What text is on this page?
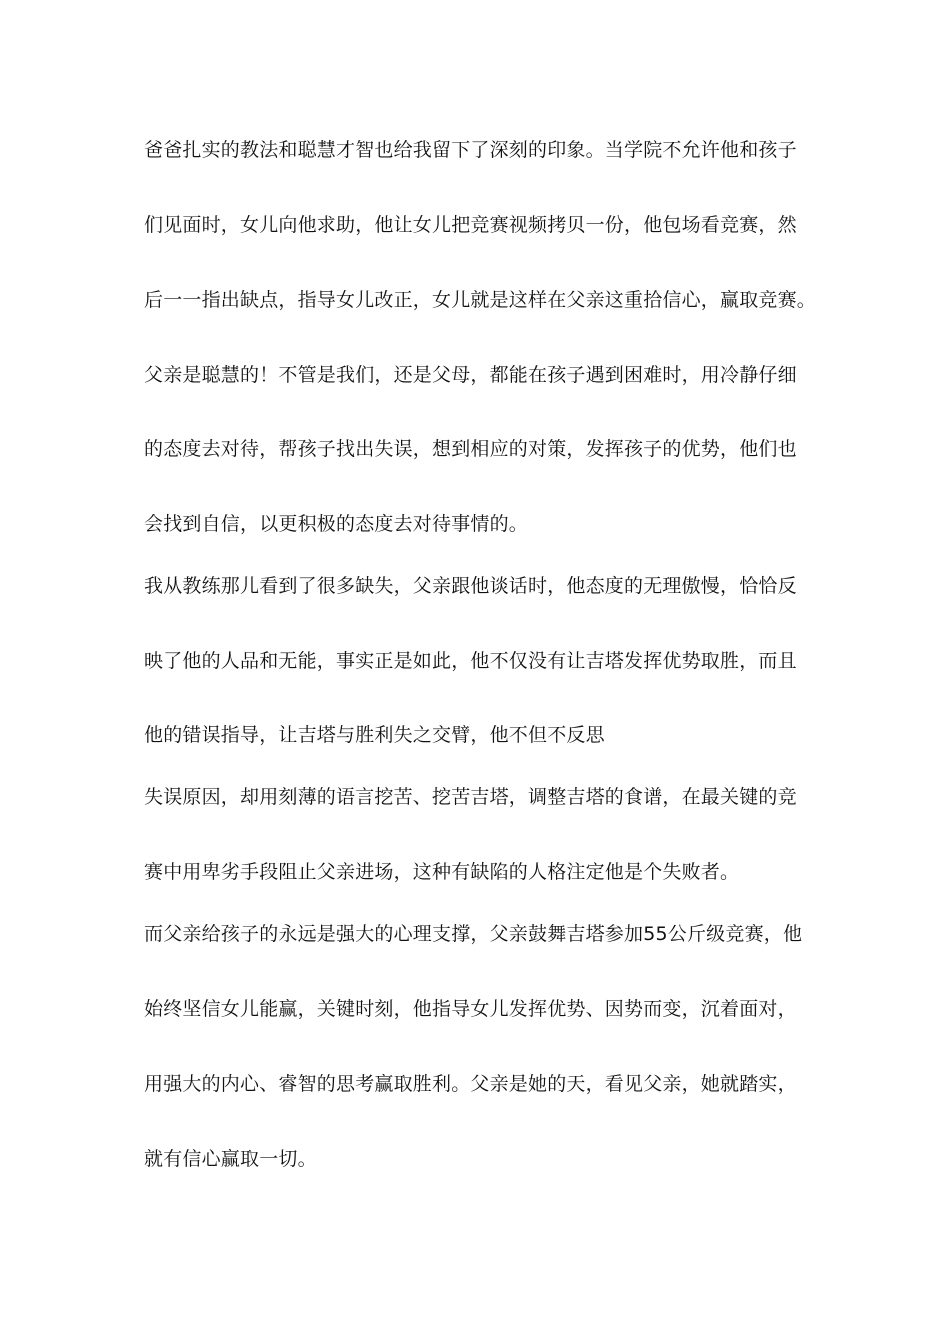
爸爸扎实的教法和聪慧才智也给我留下了深刻的印象。当学院不允许他和孩子
们见面时，女儿向他求助，他让女儿把竞赛视频拷贝一份，他包场看竞赛，然
后一一指出缺点，指导女儿改正，女儿就是这样在父亲这重拾信心，赢取竞赛。
父亲是聪慧的！不管是我们，还是父母，都能在孩子遇到困难时，用冷静仔细
的态度去对待，帮孩子找出失误，想到相应的对策，发挥孩子的优势，他们也
会找到自信，以更积极的态度去对待事情的。
我从教练那儿看到了很多缺失，父亲跟他谈话时，他态度的无理傲慢，恰恰反
映了他的人品和无能，事实正是如此，他不仅没有让吉塔发挥优势取胜，而且
他的错误指导，让吉塔与胜利失之交臂，他不但不反思
失误原因，却用刻薄的语言挖苦、挖苦吉塔，调整吉塔的食谱，在最关键的竞
赛中用卑劣手段阻止父亲进场，这种有缺陷的人格注定他是个失败者。
而父亲给孩子的永远是强大的心理支撑，父亲鼓舞吉塔参加55公斤级竞赛，他
始终坚信女儿能赢，关键时刻，他指导女儿发挥优势、因势而变，沉着面对，
用强大的内心、睿智的思考赢取胜利。父亲是她的天，看见父亲，她就踏实，
就有信心赢取一切。
